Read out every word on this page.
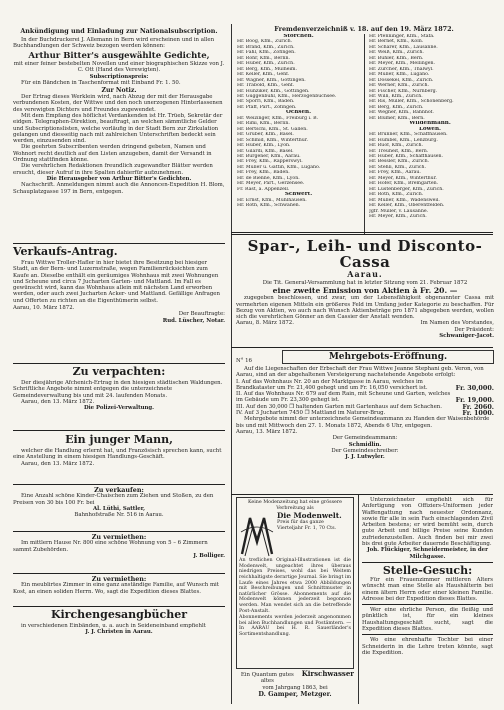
Ankündigung und Einladung zur Nationalsubscription.
In der Buchdruckerei J. Allemann in Bern wird erscheinen und in allen Buchhandlungen der Schweiz bezogen werden können:
Arthur Bitter's ausgewählte Gedichte,
mit einer feiner bestebelten Novellen und einer biographischen Skizze von J. C. Ott (Hand des Verewigten).
Subscriptionspreis:
Für ein Bändchen in Taschenformat mit Einband Fr. 1. 50.
Zur Notiz.
Der Ertrag dieses Werklein wird, nach Abzug der mit der Herausgabe verbundenen Kosten, der Wittwe und den noch unerzogenen Hinterlassenen des verewigten Dichters und Freundes zugewendet.
Mit dem Empfang des höflichst Verdankenden ist Hr. Trüeb, Sekretär der eidgen. Telegraphen-Direktion, beauftragt, an welchen sämmtliche Gelder und Subscriptionslisten, welche vorläufig in der Stadt Bern zur Zirkulation gelangen und diesseitig nach mit zahlreichen Unterschriften bedeckt sein werden, einzusenden sind.
Die geehrten Subscribenten werden dringend gebeten, Namen und Wohnort recht deutlich auf den Listen anzugeben, damit der Versandt in Ordnung stattfinden könne.
Die verehrlichen Redaktionen freundlich zugewandter Blätter werden ersucht, dieser Aufruf in ihre Spalten dahierfür aufzunehmen.
Die Herausgeber von Arthur Bitter's Gedichten.
Nachschrift. Anmeldungen nimmt auch die Annoncen-Expedition H. Blom, Schauplatzgasse 197 in Bern, entgegen.
Verkaufs-Antrag.
Frau Wittwe Troller-Hafler in hier bietet ihre Besitzung bei hiesiger Stadt, an der Bern- und Luzernstraße, wegen Familienrücksichten zum Kaufe an. Dieselbe enthält ein geräumiges Wohnhaus mit zwei Wohnungen und Scheune und circa 7 Jucharten Garten- und Mattland. Im Fall es gewünscht wird, kann das Wohnhaus allein mit nächsten Land erworben werden, oder auch zwei Jucharten Acker- und Mattland. Gefällige Anfragen und Offerten zu richten an die Eigenthümerin selbst.
Aarau, 10. März 1872.
Der Beauftragte:
Rud. Lüscher, Notar.
Zu verpachten:
Der diesjährige Afchenich-Ertrag in den hiesigen städtischen Waldungen. Schriftliche Angebote nimmt entgegen die unterzeichnete Gemeindeverwaltung bis und mit 24. laufenden Monats.
Aarau, den 13. März 1872.
Die Polizei-Verwaltung.
Ein junger Mann,
welcher die Handlung erlernt hat, und Französisch sprechen kann, sucht eine Anstellung in einem hiesigen Handlungs-Geschäft.
Aarau, den 13. März 1872.
Zu verkaufen:
Eine Anzahl schöne Kinder-Chaischen zum Ziehen und Stoßen, zu den Preisen von 30 bis 100 Fr. bei
Al. Lüthi, Sattler,
Bahnhofstraße Nr. 516 in Aarau.
Zu vermiethen:
Im mittlern Hause Nr. 800 eine schöne Wohnung von 5 – 6 Zimmern sammt Zubehörden.
J. Bolliger.
Zu vermiethen:
Ein meublirtes Zimmer in eine ganz anständige Familie, auf Wunsch mit Kost, an einen soliden Herrn. Wo, sagt die Expedition dieses Blattes.
Kirchengesangbücher
in verschiedenen Einbänden, u. a. auch in Seideneinband empfiehlt
J. J. Christen in Aarau.
Fremdenverzeichniß v. 18. auf den 19. März 1872.
Storchen.
Hr. Boog, Kfm., Zürich.
Hr. Brand, Kfm., Zürich.
Hr. Fahl, Kfm., Zofingen.
Hr. Rohr, Kfm., Berlin.
Hr. Huber, Kfm., Zürich.
Hr. Berg, Kfm., Mülheim.
Hr. Keller, Kfm., Genf.
Hr. Wagner, Kfm., Göttingen.
Hr. Trabold, Kfm., Genf.
Hr. Hunziker, Kfm., Göttingen.
Hr. Guggenbühl, Kfm., Herzogenbuchsee.
Hr. Spörri, Kfm., Baden.
Hr. Pfaff, Part., Zofingen.
Ochsen.
Hr. Weizinger, Kfm., Freiburg i. B.
Hr. Rimi, Kfm., Berlin.
Hr. Bertschi, Kfm., St. Gallen.
Hr. Gruber, Kfm., Basel.
Hr. Schmid, Kfm., Winterthur.
Hr. Huber, Kfm., Lyon.
Hr. Gilardi, Kfm., Basel.
Hr. Burgener, Kfm., Aarau.
Hr. Frey, Kfm., Rapperswyl.
Hr. Müller u. Gattin, Kfm., Lugano.
Hr. Frey, Kfm., Baden.
Hr. de Bienne, Kfm., Lyon.
Hr. Meyer, Part., Gerzensee.
Fr. Rast, a. Appenzell.
Schwert.
Hr. Ernst, Kfm., Mühlhausen.
Hr. Roth, Kfm., Schwanen.
Hr. Pfenninger, Kfm., Stäfa.
Hr. Bernet, Kfm., Köln.
Hr. Schärer, Kfm., Lausanne.
Hr. Weiß, Kfm., Zürich.
Hr. Bühler, Kfm., Bern.
Hr. Meyer, Kfm., Mellingen.
Hr. Zürcher, Kfm., Thalwyl.
Hr. Müller, Kfm., Lugano.
Hr. Dössekel, Kfm., Zürich.
Hr. Werner, Kfm., Zürich.
Hr. Fischer, Kfm., Nürnberg.
Hr. Willi, Kfm., Zürich.
Hr. Ris, Müller, Kfm., Schönenberg.
Hr. Berg, Kfm., Zürich.
Hr. Wegner, Kfm., Bahnhof.
Hr. Blumer, Kfm., Bern.
Wildenmann.
Löwen.
Hr. Brunner, Kfm., Schaffhausen.
Hr. Humbel, Kfm., Lenzburg.
Hr. Ruof, Kfm., Zürich.
Hr. Treuheit, Kfm., Bern.
Hr. Huber, Kfm., Schaffhausen.
Hr. Bessler, Kfm., Zürich.
Hr. Stehli, Kfm., Zürich.
Hr. Frey, Kfm., Aarau.
Hr. Meyer, Kfm., Winterthur.
Hr. Hofer, Kfm., Bremgarten.
Hr. Lustenberger, Kfm., Zürich.
Hr. Roth, Kfm., Zürich.
Hr. Müller, Kfm., Wädensweil.
Hr. Keller, Kfm., Oberentfelden.
Jgfr. Müller, v. Lausanne.
Hr. Meyer, Kfm., Zürich.
Spar-, Leih- und Disconto-Cassa
Aarau.
Die Tit. General-Versammlung hat in letzter Sitzung vom 21. Februar 1872
eine zweite Emission von Aktien à Fr. 20. —
zugegeben beschlossen, und zwar, um der Lebensfähigkeit obgenannter Cassa mit vermehrten eigenen Mitteln ein größeres Feld im Umfang jeder Kategorie zu beschaffen. Für Bezug von Aktien, wo auch nach Wunsch Aktienbeträge pro 1871 abgegeben werden, wollen sich die verehrlichen Gönner an den Cassier der Anstalt wenden.
Aarau, 8. März 1872.	Im Namen des Vorstandes,
Der Präsident:
Schwaniger-Jacot.
N° 16	Mehrgebots-Eröffnung.
Auf die Liegenschaften der Erbschaft der Frau Wittwe Jeanne Stephani geb. Veron, von Aarau, sind an der abgehaltenen Versteigerung nachstehende Angebote erfolgt:
I. Auf das Wohnhaus Nr. 20 an der Marktgasse in Aarau, welches im Brandkataster um Fr. 21,400 gehegt und um Fr. 16,050 versichert ist.	Fr. 30,000.
II. Auf das Wohnhaus Nr. 679 auf dem Rain, mit Scheune und Garten, welches im Gebäude um Fr. 23,300 gehegt ist.	Fr. 19,000.
III. Auf den 30,000 ❒ haltenden Garten mit Gartenhaus auf dem Schachen.	Fr. 2060.
IV. Auf 3 Jucharten 7450 ❒ Mattland im Naturer-Brug.	Fr. 1000.
Mehrgebote nimmt der unterzeichnete Gemeindeammann zu Handen der Waisenbehörde bis und mit Mittwoch den 27. 1. Monats 1872, Abends 6 Uhr, entgegen.
Aarau, 13. März 1872.
Der Gemeindeammann:
Schmidlin.
Der Gemeindeschreiber:
J. J. Lutwyler.
Keine Modenzeitung hat eine grössere Verbreitung als
Die Modenwelt.
Preis für das ganze Vierteljahr Fr. 1, 70 Cts.
An treflichen Original-Illustrationen ist die Modenwelt, ungeachtet ihres überaus niedrigen Preises, wohl das bei Weitem reichhaltigste derartige Journal. Sie bringt im Laufe eines Jahres etwa 2000 Abbildungen mit Beschreibungen und Schnittmuster in natürlicher Grösse. Abonnements auf die Modenwelt können jederzeit begonnen werden. Man wendet sich an die betreffende Post-Anstalt.
Abonnements werden jederzeit angenommen bei allen Buchhandlungen und Postämtern. — In AARAU bei H. R. Sauerländer's Sortimentshandlung.
Ein Quantum gutes altes
Kirschwasser
vom Jahrgang 1863, bei
D. Gamper, Metzger.
Unterzeichneter empfiehlt sich für Anfertigung von Offiziers-Uniformen jeder Waffengattung nach neuester Ordonnanz, sowie für alle in sein Fach einschlagenden Zivil Arbeiten bestens; er wird bemüht sein, durch gute Arbeit und billige Preise seine Kunden zufriedenzustellen. Auch finden bei mir zwei bis drei gute Arbeiter dauernde Beschäftigung.
Joh. Flückiger, Schneidermeister, in der Milchgasse.
Stelle-Gesuch:
Für ein Frauenzimmer mittleren Alters wünscht man eine Stelle als Haushälterin bei einem ältern Herrn oder einer kleinen Familie. Adresse bei der Expedition dieses Blattes.
Wer eine ehrliche Person, die fleißig und pünktlich ist, für ein kleines Haushaltungsgeschäft sucht, sagt die Expedition dieses Blattes.
Wo eine ehrenhafte Tochter bei einer Schneiderin in die Lehre treten könnte, sagt die Expedition.
